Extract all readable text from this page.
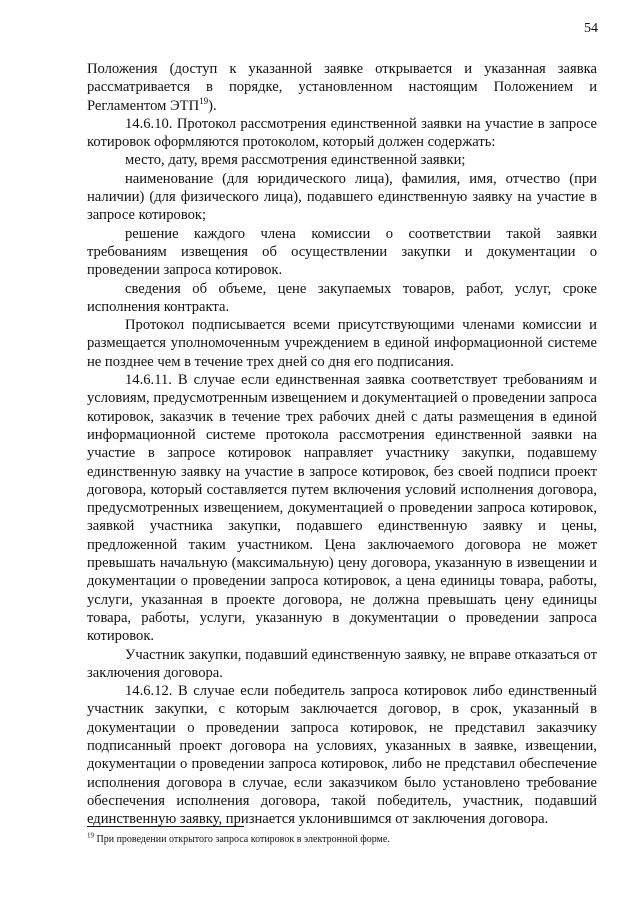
54

Положения (доступ к указанной заявке открывается и указанная заявка рассматривается в порядке, установленном настоящим Положением и Регламентом ЭТП$^{19}$).

14.6.10. Протокол рассмотрения единственной заявки на участие в запросе котировок оформляются протоколом, который должен содержать:

место, дату, время рассмотрения единственной заявки;

наименование (для юридического лица), фамилия, имя, отчество (при наличии) (для физического лица), подавшего единственную заявку на участие в запросе котировок;

решение каждого члена комиссии о соответствии такой заявки требованиям извещения об осуществлении закупки и документации о проведении запроса котировок.

сведения об объеме, цене закупаемых товаров, работ, услуг, сроке исполнения контракта.

Протокол подписывается всеми присутствующими членами комиссии и размещается уполномоченным учреждением в единой информационной системе не позднее чем в течение трех дней со дня его подписания.

14.6.11. В случае если единственная заявка соответствует требованиям и условиям, предусмотренным извещением и документацией о проведении запроса котировок, заказчик в течение трех рабочих дней с даты размещения в единой информационной системе протокола рассмотрения единственной заявки на участие в запросе котировок направляет участнику закупки, подавшему единственную заявку на участие в запросе котировок, без своей подписи проект договора, который составляется путем включения условий исполнения договора, предусмотренных извещением, документацией о проведении запроса котировок, заявкой участника закупки, подавшего единственную заявку и цены, предложенной таким участником. Цена заключаемого договора не может превышать начальную (максимальную) цену договора, указанную в извещении и документации о проведении запроса котировок, а цена единицы товара, работы, услуги, указанная в проекте договора, не должна превышать цену единицы товара, работы, услуги, указанную в документации о проведении запроса котировок.

Участник закупки, подавший единственную заявку, не вправе отказаться от заключения договора.

14.6.12. В случае если победитель запроса котировок либо единственный участник закупки, с которым заключается договор, в срок, указанный в документации о проведении запроса котировок, не представил заказчику подписанный проект договора на условиях, указанных в заявке, извещении, документации о проведении запроса котировок, либо не представил обеспечение исполнения договора в случае, если заказчиком было установлено требование обеспечения исполнения договора, такой победитель, участник, подавший единственную заявку, признается уклонившимся от заключения договора.

$^{19}$ При проведении открытого запроса котировок в электронной форме.
